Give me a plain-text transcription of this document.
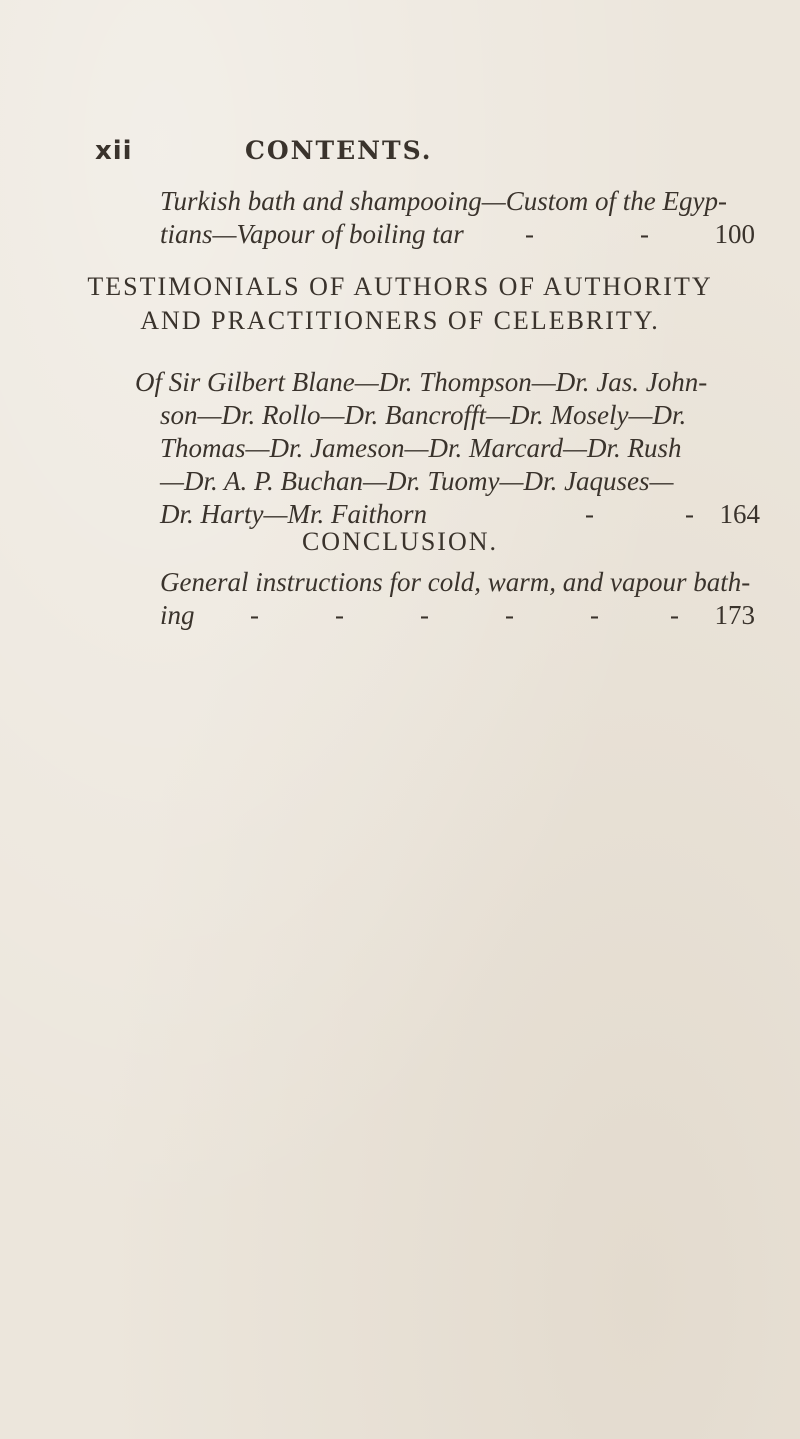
xii	CONTENTS.
Turkish bath and shampooing—Custom of the Egyp-
tians—Vapour of boiling tar -	- 100
TESTIMONIALS OF AUTHORS OF AUTHORITY
AND PRACTITIONERS OF CELEBRITY.
Of Sir Gilbert Blane—Dr. Thompson—Dr. Jas. John-
son—Dr. Rollo—Dr. Bancrofft—Dr. Mosely—Dr.
Thomas—Dr. Jameson—Dr. Marcard—Dr. Rush
—Dr. A. P. Buchan—Dr. Tuomy—Dr. Jaquses—
Dr. Harty—Mr. Faithorn	-	- 164
CONCLUSION.
General instructions for cold, warm, and vapour bath-
ing -	-	-	-	-	- 173
